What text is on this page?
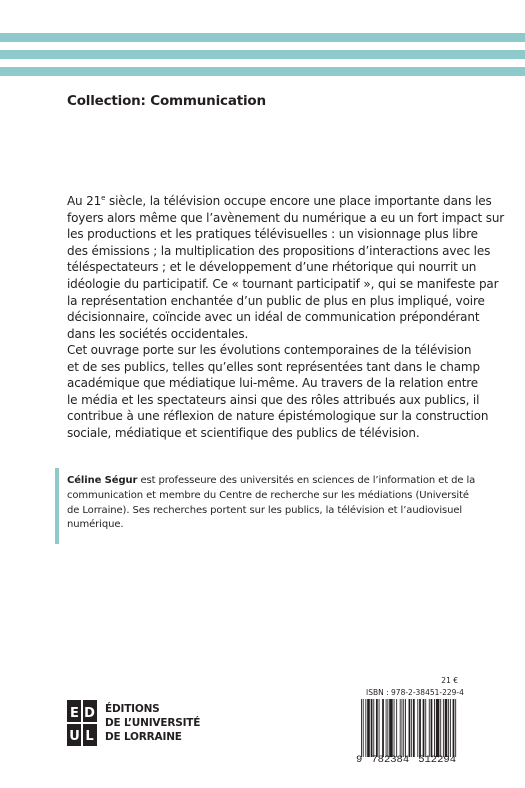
Collection: Communication
Au 21e siècle, la télévision occupe encore une place importante dans les
foyers alors même que l’avènement du numérique a eu un fort impact sur
les productions et les pratiques télévisuelles : un visionnage plus libre
des émissions ; la multiplication des propositions d’interactions avec les
téléspectateurs ; et le développement d’une rhétorique qui nourrit un
idéologie du participatif. Ce « tournant participatif », qui se manifeste par
la représentation enchantée d’un public de plus en plus impliqué, voire
décisionnaire, coïncide avec un idéal de communication prépondérant
dans les sociétés occidentales.
Cet ouvrage porte sur les évolutions contemporaines de la télévision
et de ses publics, telles qu’elles sont représentées tant dans le champ
académique que médiatique lui-même. Au travers de la relation entre
le média et les spectateurs ainsi que des rôles attribués aux publics, il
contribue à une réflexion de nature épistémologique sur la construction
sociale, médiatique et scientifique des publics de télévision.
Céline Ségur est professeure des universités en sciences de l’information et de la
communication et membre du Centre de recherche sur les médiations (Université
de Lorraine). Ses recherches portent sur les publics, la télévision et l’audiovisuel
numérique.
E D
U L
ÉDITIONS
DE L’UNIVERSITÉ
DE LORRAINE
21 €
ISBN : 978-2-38451-229-4
9 782384 512294
